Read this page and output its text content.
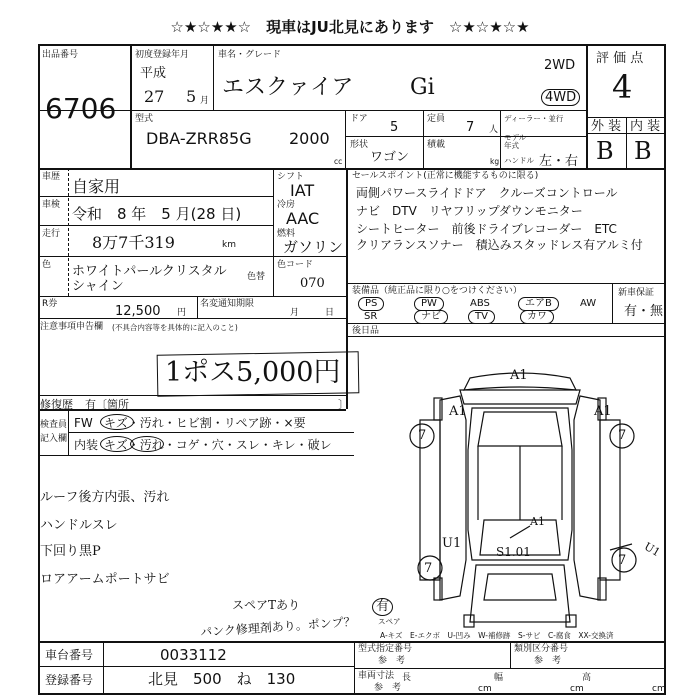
☆★☆★★☆　現車はJU北見にあります　☆★☆★☆★
出品番号
6706
初度登録年月
平成
27 5 月
車名・グレード
エスクァイア	Gi
2WD
4WD
評 価 点
4
型式
DBA-ZRR85G 2000
cc
ドア
5
定員
7 人
ディーラー・並行
モデル年式
形状
ワゴン
積載
kg ハンドル 左・右
外 装 内 装
B B
車歴 自家用
車検 令和　8 年　5 月(28 日)
走行 8万7千319	km
シフト
IAT
冷房
AAC
燃料
ガソリン
色 ホワイトパールクリスタル
シャイン
色替
色コード
070
R券	12,500 円
名変通知期限
月	日
注意事項申告欄 (不具合内容等を具体的に記入のこと)
1ポス5,000円
修復歴 有〔箇所	〕
検査員
記入欄
FW キズ・汚れ・ヒビ割・リペア跡・×要
内装 キズ・汚れ・コゲ・穴・スレ・キレ・破レ
ルーフ後方内張、汚れ
ハンドルスレ
下回り黒P
ロアアームポートサビ
スペアTあり
パンク修理剤あり。ポンプ？
有
スペア
セールスポイント(正常に機能するものに限る)
両側パワースライドドア　クルーズコントロール
ナビ　DTV　リヤフリップダウンモニター
シートヒーター　前後ドライブレコーダー　ETC
クリアランスソナー　積込みスタッドレス有アルミ付
装備品（純正品に限り○をつけください）
PS	PW	ABS	エアB	AW
SR	ナビ	TV	カワ
新車保証
有・無
後日品
A1
A1	A1
7	7
A1
U1
S1.01
7
7
U1
車台番号	0033112
登録番号	北見　500　ね　130
型式指定番号
参　考
類別区分番号
参　考
車両寸法
参　考
長
cm
幅
cm
高
cm
A-キズ　E-エクボ　U-凹み　W-補修跡　S-サビ　C-腐食　XX-交換済
